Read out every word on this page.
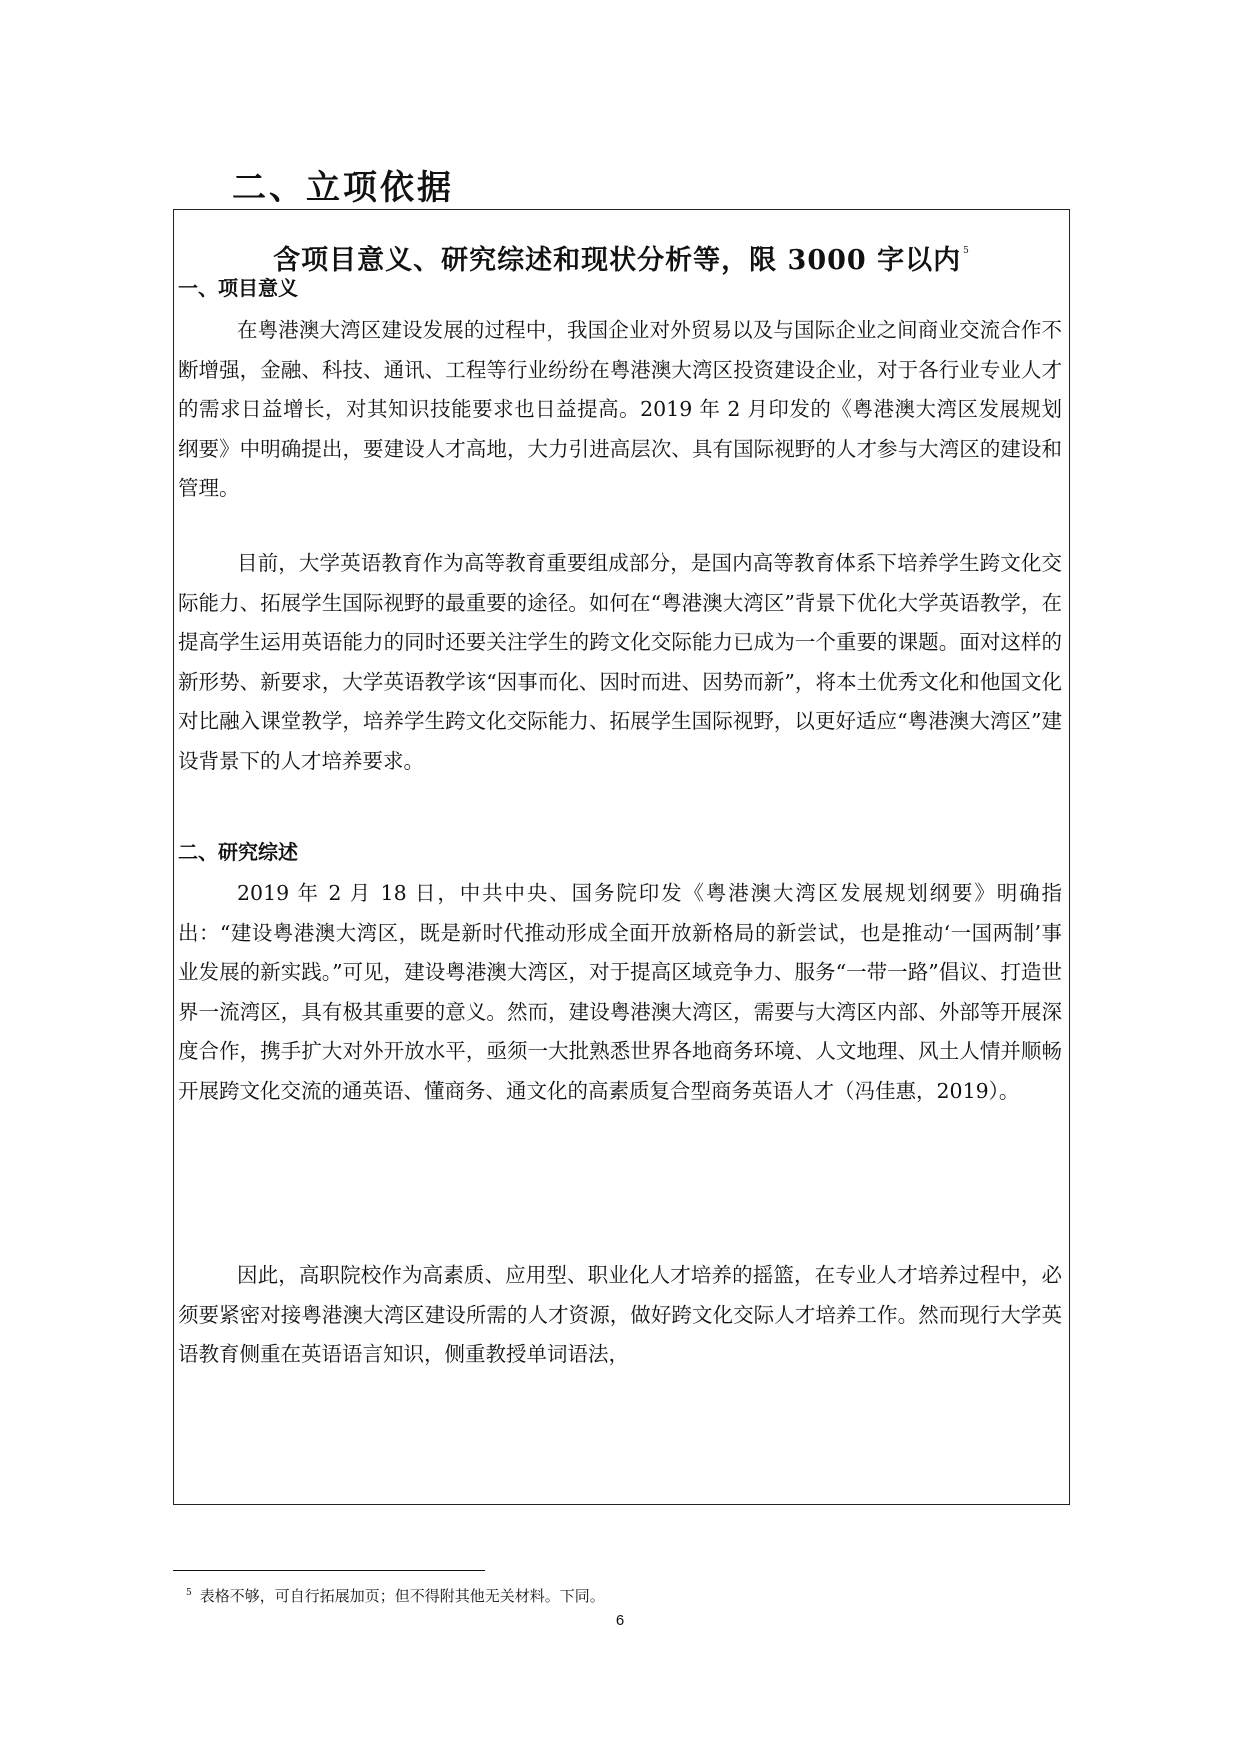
二、立项依据
含项目意义、研究综述和现状分析等，限 3000 字以内 $^5$
一、项目意义

在粤港澳大湾区建设发展的过程中，我国企业对外贸易以及与国际企业之间商业交流合作不断增强，金融、科技、通讯、工程等行业纷纷在粤港澳大湾区投资建设企业，对于各行业专业人才的需求日益增长，对其知识技能要求也日益提高。2019 年 2 月印发的《粤港澳大湾区发展规划纲要》中明确提出，要建设人才高地，大力引进高层次、具有国际视野的人才参与大湾区的建设和管理。

目前，大学英语教育作为高等教育重要组成部分，是国内高等教育体系下培养学生跨文化交际能力、拓展学生国际视野的最重要的途径。如何在“粤港澳大湾区”背景下优化大学英语教学，在提高学生运用英语能力的同时还要关注学生的跨文化交际能力已成为一个重要的课题。面对这样的新形势、新要求，大学英语教学该“因事而化、因时而进、因势而新”，将本土优秀文化和他国文化对比融入课堂教学，培养学生跨文化交际能力、拓展学生国际视野，以更好适应“粤港澳大湾区”建设背景下的人才培养要求。

二、研究综述

2019 年 2 月 18 日，中共中央、国务院印发《粤港澳大湾区发展规划纲要》明确指出：“建设粤港澳大湾区，既是新时代推动形成全面开放新格局的新尝试，也是推动‘一国两制’事业发展的新实践。”可见，建设粤港澳大湾区，对于提高区域竞争力、服务“一带一路”倡议、打造世界一流湾区，具有极其重要的意义。然而，建设粤港澳大湾区，需要与大湾区内部、外部等开展深度合作，携手扩大对外开放水平，亟须一大批熟悉世界各地商务环境、人文地理、风土人情并顺畅开展跨文化交流的通英语、懂商务、通文化的高素质复合型商务英语人才（冯佳惠，2019）。

因此，高职院校作为高素质、应用型、职业化人才培养的摇篮，在专业人才培养过程中，必须要紧密对接粤港澳大湾区建设所需的人才资源，做好跨文化交际人才培养工作。然而现行大学英语教育侧重在英语语言知识，侧重教授单词语法，

$^5$ 表格不够，可自行拓展加页；但不得附其他无关材料。下同。

6
